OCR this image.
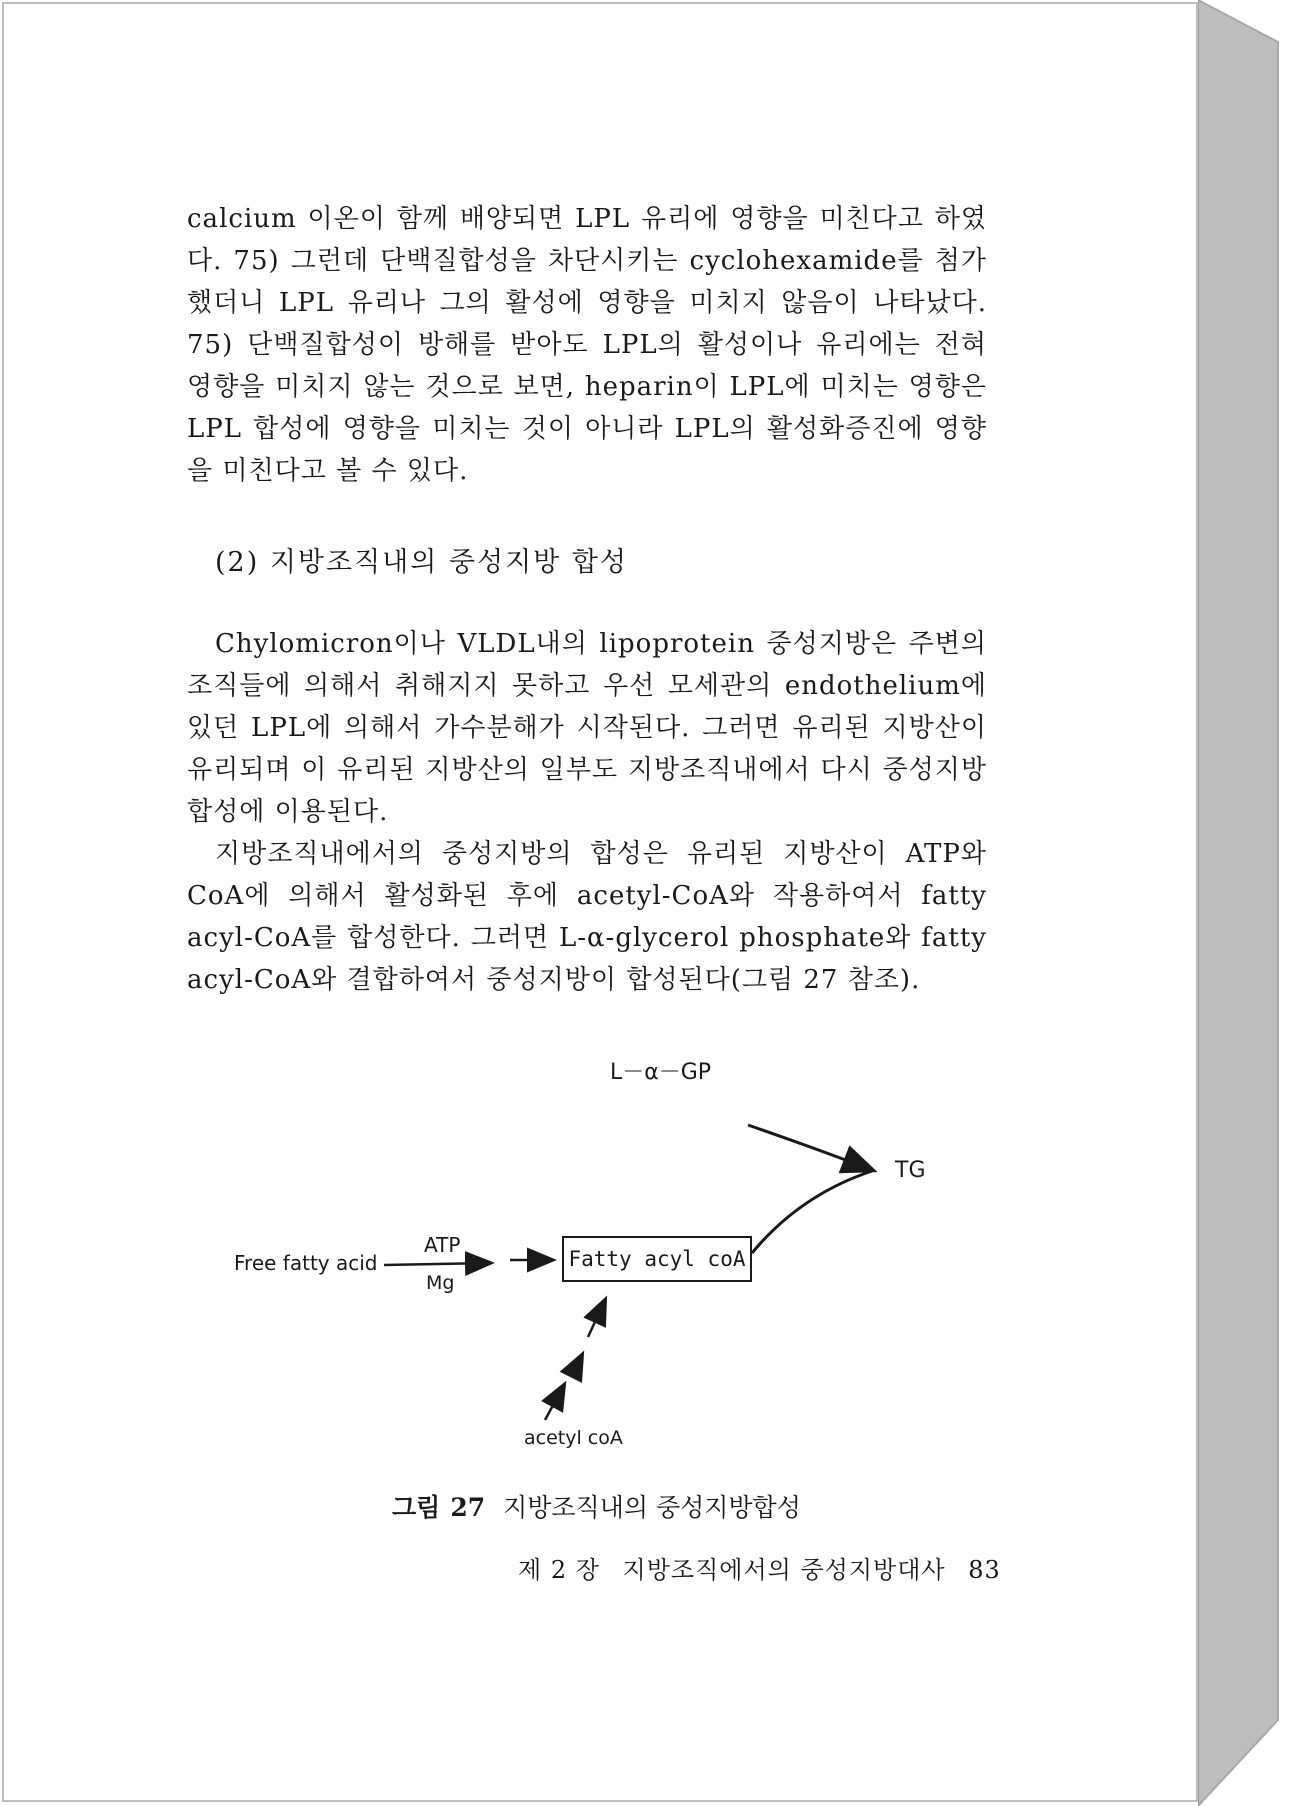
calcium 이온이 함께 배양되면 LPL 유리에 영향을 미친다고 하였다. 75) 그런데 단백질합성을 차단시키는 cyclohexamide를 첨가했더니 LPL 유리나 그의 활성에 영향을 미치지 않음이 나타났다. 75) 단백질합성이 방해를 받아도 LPL의 활성이나 유리에는 전혀 영향을 미치지 않는 것으로 보면, heparin이 LPL에 미치는 영향은 LPL 합성에 영향을 미치는 것이 아니라 LPL의 활성화증진에 영향을 미친다고 볼 수 있다.

(2) 지방조직내의 중성지방 합성

Chylomicron이나 VLDL내의 lipoprotein 중성지방은 주변의 조직들에 의해서 취해지지 못하고 우선 모세관의 endothelium에 있던 LPL에 의해서 가수분해가 시작된다. 그러면 유리된 지방산이 유리되며 이 유리된 지방산의 일부도 지방조직내에서 다시 중성지방 합성에 이용된다.

지방조직내에서의 중성지방의 합성은 유리된 지방산이 ATP와 CoA에 의해서 활성화된 후에 acetyl-CoA와 작용하여서 fatty acyl-CoA를 합성한다. 그러면 L-α-glycerol phosphate와 fatty acyl-CoA와 결합하여서 중성지방이 합성된다(그림 27 참조).

L－α－GP
TG
Free fatty acid
ATP
Mg
Fatty acyl coA
acetyl coA
그림 27 지방조직내의 중성지방합성
제 2 장 지방조직에서의 중성지방대사 83
